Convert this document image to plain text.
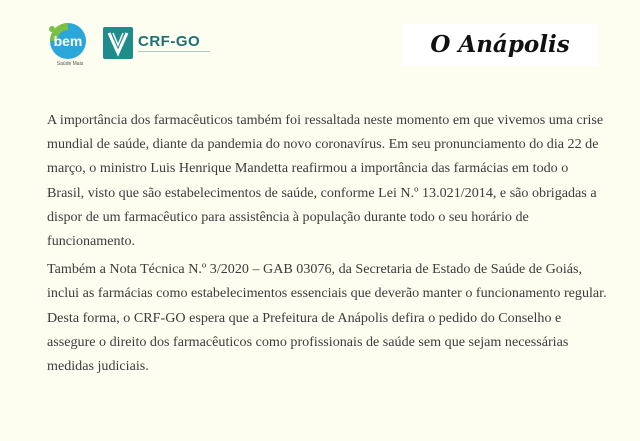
bem
Saúde Mais
CRF-GO	O Anápolis

A importância dos farmacêuticos também foi ressaltada neste momento em que vivemos uma crise mundial de saúde, diante da pandemia do novo coronavírus. Em seu pronunciamento do dia 22 de março, o ministro Luis Henrique Mandetta reafirmou a importância das farmácias em todo o Brasil, visto que são estabelecimentos de saúde, conforme Lei N.º 13.021/2014, e são obrigadas a dispor de um farmacêutico para assistência à população durante todo o seu horário de funcionamento.

Também a Nota Técnica N.º 3/2020 – GAB 03076, da Secretaria de Estado de Saúde de Goiás, inclui as farmácias como estabelecimentos essenciais que deverão manter o funcionamento regular. Desta forma, o CRF-GO espera que a Prefeitura de Anápolis defira o pedido do Conselho e assegure o direito dos farmacêuticos como profissionais de saúde sem que sejam necessárias medidas judiciais.
